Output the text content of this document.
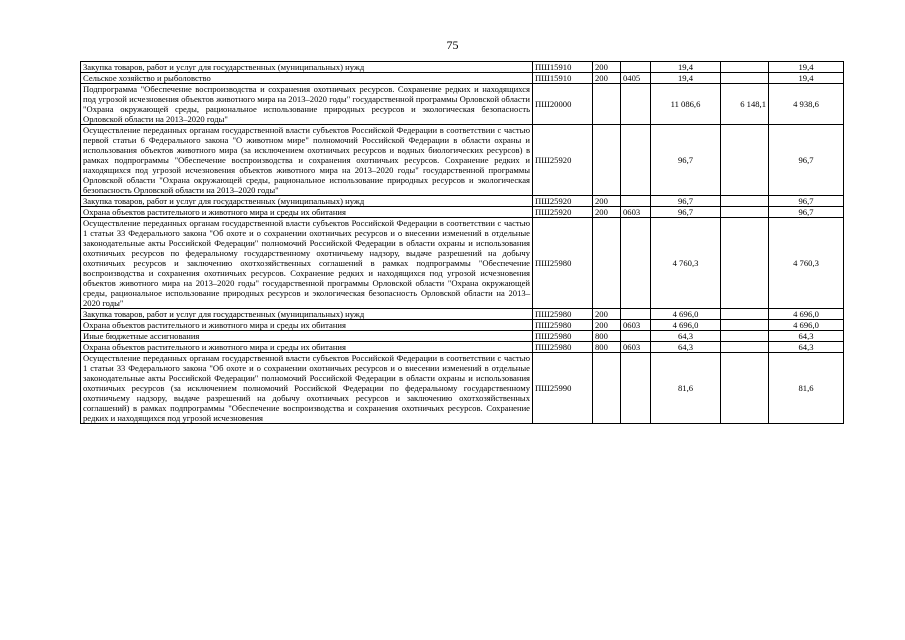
75
Закупка товаров, работ и услуг для государственных (муниципальных) нужд	ПШ15910	200		19,4		19,4
Сельское хозяйство и рыболовство	ПШ15910	200	0405	19,4		19,4
Подпрограмма "Обеспечение воспроизводства и сохранения охотничьих ресурсов. Сохранение редких и находящихся под угрозой исчезновения объектов животного мира на 2013–2020 годы" государственной программы Орловской области "Охрана окружающей среды, рациональное использование природных ресурсов и экологическая безопасность Орловской области на 2013–2020 годы"	ПШ20000			11 086,6	6 148,1	4 938,6
Осуществление переданных органам государственной власти субъектов Российской Федерации в соответствии с частью первой статьи 6 Федерального закона "О животном мире" полномочий Российской Федерации в области охраны и использования объектов животного мира (за исключением охотничьих ресурсов и водных биологических ресурсов) в рамках подпрограммы "Обеспечение воспроизводства и сохранения охотничьих ресурсов. Сохранение редких и находящихся под угрозой исчезновения объектов животного мира на 2013–2020 годы" государственной программы Орловской области "Охрана окружающей среды, рациональное использование природных ресурсов и экологическая безопасность Орловской области на 2013–2020 годы"	ПШ25920			96,7		96,7
Закупка товаров, работ и услуг для государственных (муниципальных) нужд	ПШ25920	200		96,7		96,7
Охрана объектов растительного и животного мира и среды их обитания	ПШ25920	200	0603	96,7		96,7
Осуществление переданных органам государственной власти субъектов Российской Федерации в соответствии с частью 1 статьи 33 Федерального закона "Об охоте и о сохранении охотничьих ресурсов и о внесении изменений в отдельные законодательные акты Российской Федерации" полномочий Российской Федерации в области охраны и использования охотничьих ресурсов по федеральному государственному охотничьему надзору, выдаче разрешений на добычу охотничьих ресурсов и заключению охотхозяйственных соглашений в рамках подпрограммы "Обеспечение воспроизводства и сохранения охотничьих ресурсов. Сохранение редких и находящихся под угрозой исчезновения объектов животного мира на 2013–2020 годы" государственной программы Орловской области "Охрана окружающей среды, рациональное использование природных ресурсов и экологическая безопасность Орловской области на 2013–2020 годы"	ПШ25980			4 760,3		4 760,3
Закупка товаров, работ и услуг для государственных (муниципальных) нужд	ПШ25980	200		4 696,0		4 696,0
Охрана объектов растительного и животного мира и среды их обитания	ПШ25980	200	0603	4 696,0		4 696,0
Иные бюджетные ассигнования	ПШ25980	800		64,3		64,3
Охрана объектов растительного и животного мира и среды их обитания	ПШ25980	800	0603	64,3		64,3
Осуществление переданных органам государственной власти субъектов Российской Федерации в соответствии с частью 1 статьи 33 Федерального закона "Об охоте и о сохранении охотничьих ресурсов и о внесении изменений в отдельные законодательные акты Российской Федерации" полномочий Российской Федерации в области охраны и использования охотничьих ресурсов (за исключением полномочий Российской Федерации по федеральному государственному охотничьему надзору, выдаче разрешений на добычу охотничьих ресурсов и заключению охотхозяйственных соглашений) в рамках подпрограммы "Обеспечение воспроизводства и сохранения охотничьих ресурсов. Сохранение редких и находящихся под угрозой исчезновения	ПШ25990			81,6		81,6
